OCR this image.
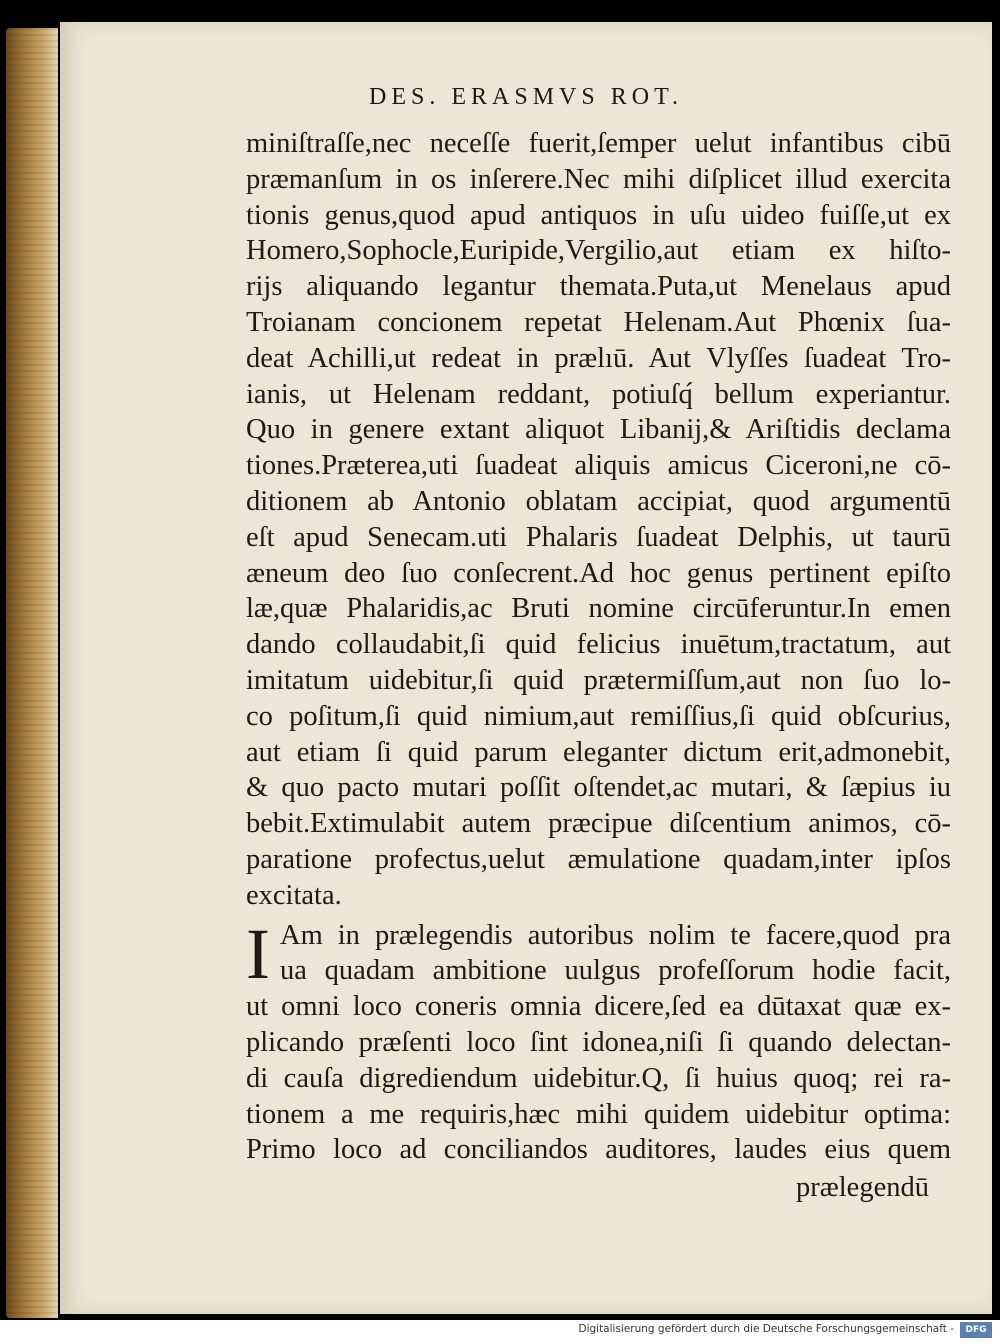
DES. ERASMVS ROT.
miniſtraſſe,nec neceſſe fuerit,ſemper uelut infantibus cibū
præmanſum in os inſerere.Nec mihi diſplicet illud exercita
tionis genus,quod apud antiquos in uſu uideo fuiſſe,ut ex
Homero,Sophocle,Euripide,Vergilio,aut etiam ex hiſto-
rijs aliquando legantur themata.Puta,ut Menelaus apud
Troianam concionem repetat Helenam.Aut Phœnix ſua-
deat Achilli,ut redeat in prælıū. Aut Vlyſſes ſuadeat Tro-
ianis, ut Helenam reddant, potiuſq́ bellum experiantur.
Quo in genere extant aliquot Libanij,& Ariſtidis declama
tiones.Præterea,uti ſuadeat aliquis amicus Ciceroni,ne cō-
ditionem ab Antonio oblatam accipiat, quod argumentū
eſt apud Senecam.uti Phalaris ſuadeat Delphis, ut taurū
æneum deo ſuo conſecrent.Ad hoc genus pertinent epiſto
læ,quæ Phalaridis,ac Bruti nomine circūferuntur.In emen
dando collaudabit,ſi quid felicius inuētum,tractatum, aut
imitatum uidebitur,ſi quid prætermiſſum,aut non ſuo lo-
co poſitum,ſi quid nimium,aut remiſſius,ſi quid obſcurius,
aut etiam ſi quid parum eleganter dictum erit,admonebit,
& quo pacto mutari poſſit oſtendet,ac mutari, & ſæpius iu
bebit.Extimulabit autem præcipue diſcentium animos, cō-
paratione profectus,uelut æmulatione quadam,inter ipſos
excitata.
I Am in prælegendis autoribus nolim te facere,quod pra
ua quadam ambitione uulgus profeſſorum hodie facit,
ut omni loco coneris omnia dicere,ſed ea dūtaxat quæ ex-
plicando præſenti loco ſint idonea,niſi ſi quando delectan-
di cauſa digrediendum uidebitur.Q, ſi huius quoq; rei ra-
tionem a me requiris,hæc mihi quidem uidebitur optima:
Primo loco ad conciliandos auditores, laudes eius quem
prælegendū
Digitalisierung gefördert durch die Deutsche Forschungsgemeinschaft -	DFG
